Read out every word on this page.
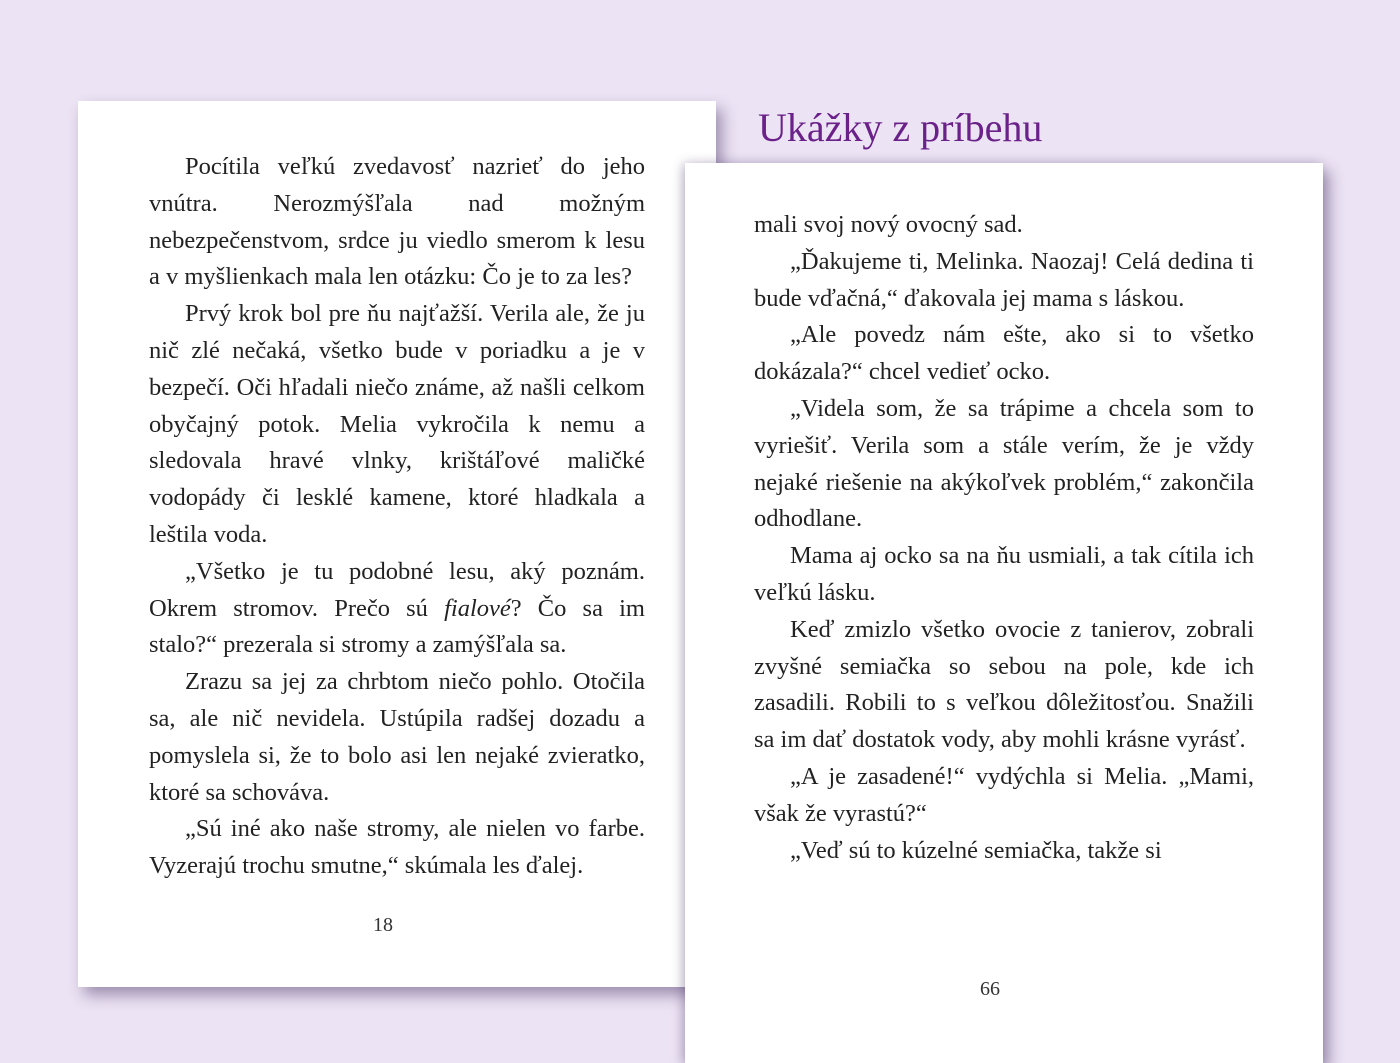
Pocítila veľkú zvedavosť nazrieť do jeho vnútra. Nerozmýšľala nad možným nebezpečenstvom, srdce ju viedlo smerom k lesu a v myšlienkach mala len otázku: Čo je to za les?

Prvý krok bol pre ňu najťažší. Verila ale, že ju nič zlé nečaká, všetko bude v poriadku a je v bezpečí. Oči hľadali niečo známe, až našli celkom obyčajný potok. Melia vykročila k nemu a sledovala hravé vlnky, krištáľové maličké vodopády či lesklé kamene, ktoré hladkala a leštila voda.

„Všetko je tu podobné lesu, aký poznám. Okrem stromov. Prečo sú fialové? Čo sa im stalo?“ prezerala si stromy a zamýšľala sa.

Zrazu sa jej za chrbtom niečo pohlo. Otočila sa, ale nič nevidela. Ustúpila radšej dozadu a pomyslela si, že to bolo asi len nejaké zvieratko, ktoré sa schováva.

„Sú iné ako naše stromy, ale nielen vo farbe. Vyzerajú trochu smutne,“ skúmala les ďalej.

18

mali svoj nový ovocný sad.

„Ďakujeme ti, Melinka. Naozaj! Celá dedina ti bude vďačná,“ ďakovala jej mama s láskou.

„Ale povedz nám ešte, ako si to všetko dokázala?“ chcel vedieť ocko.

„Videla som, že sa trápime a chcela som to vyriešiť. Verila som a stále verím, že je vždy nejaké riešenie na akýkoľvek problém,“ zakončila odhodlane.

Mama aj ocko sa na ňu usmiali, a tak cítila ich veľkú lásku.

Keď zmizlo všetko ovocie z tanierov, zobrali zvyšné semiačka so sebou na pole, kde ich zasadili. Robili to s veľkou dôležitosťou. Snažili sa im dať dostatok vody, aby mohli krásne vyrásť.

„A je zasadené!“ vydýchla si Melia. „Mami, však že vyrastú?“

„Veď sú to kúzelné semiačka, takže si

66
Ukážky z príbehu
